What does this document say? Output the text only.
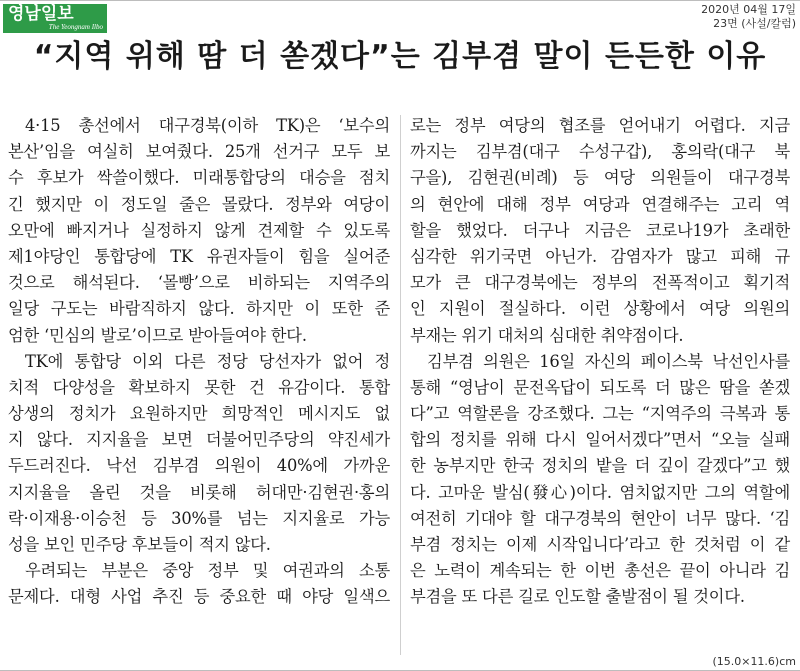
영남일보
The Yeongnam Ilbo
2020년 04월 17일
23면 (사설/칼럼)
“지역 위해 땀 더 쏟겠다”는 김부겸 말이 든든한 이유
4·15 총선에서 대구경북(이하 TK)은 ‘보수의
본산’임을 여실히 보여줬다. 25개 선거구 모두 보
수 후보가 싹쓸이했다. 미래통합당의 대승을 점치
긴 했지만 이 정도일 줄은 몰랐다. 정부와 여당이
오만에 빠지거나 실정하지 않게 견제할 수 있도록
제1야당인 통합당에 TK 유권자들이 힘을 실어준
것으로 해석된다. ‘몰빵’으로 비하되는 지역주의
일당 구도는 바람직하지 않다. 하지만 이 또한 준
엄한 ‘민심의 발로’이므로 받아들여야 한다.
TK에 통합당 이외 다른 정당 당선자가 없어 정
치적 다양성을 확보하지 못한 건 유감이다. 통합
상생의 정치가 요원하지만 희망적인 메시지도 없
지 않다. 지지율을 보면 더불어민주당의 약진세가
두드러진다. 낙선 김부겸 의원이 40%에 가까운
지지율을 올린 것을 비롯해 허대만·김현권·홍의
락·이재용·이승천 등 30%를 넘는 지지율로 가능
성을 보인 민주당 후보들이 적지 않다.
우려되는 부분은 중앙 정부 및 여권과의 소통
문제다. 대형 사업 추진 등 중요한 때 야당 일색으
로는 정부 여당의 협조를 얻어내기 어렵다. 지금
까지는 김부겸(대구 수성구갑), 홍의락(대구 북
구을), 김현권(비례) 등 여당 의원들이 대구경북
의 현안에 대해 정부 여당과 연결해주는 고리 역
할을 했었다. 더구나 지금은 코로나19가 초래한
심각한 위기국면 아닌가. 감염자가 많고 피해 규
모가 큰 대구경북에는 정부의 전폭적이고 획기적
인 지원이 절실하다. 이런 상황에서 여당 의원의
부재는 위기 대처의 심대한 취약점이다.
김부겸 의원은 16일 자신의 페이스북 낙선인사를
통해 “영남이 문전옥답이 되도록 더 많은 땀을 쏟겠
다”고 역할론을 강조했다. 그는 “지역주의 극복과 통
합의 정치를 위해 다시 일어서겠다”면서 “오늘 실패
한 농부지만 한국 정치의 밭을 더 깊이 갈겠다”고 했
다. 고마운 발심(發心)이다. 염치없지만 그의 역할에
여전히 기대야 할 대구경북의 현안이 너무 많다. ‘김
부겸 정치는 이제 시작입니다’라고 한 것처럼 이 같
은 노력이 계속되는 한 이번 총선은 끝이 아니라 김
부겸을 또 다른 길로 인도할 출발점이 될 것이다.
(15.0×11.6)cm
